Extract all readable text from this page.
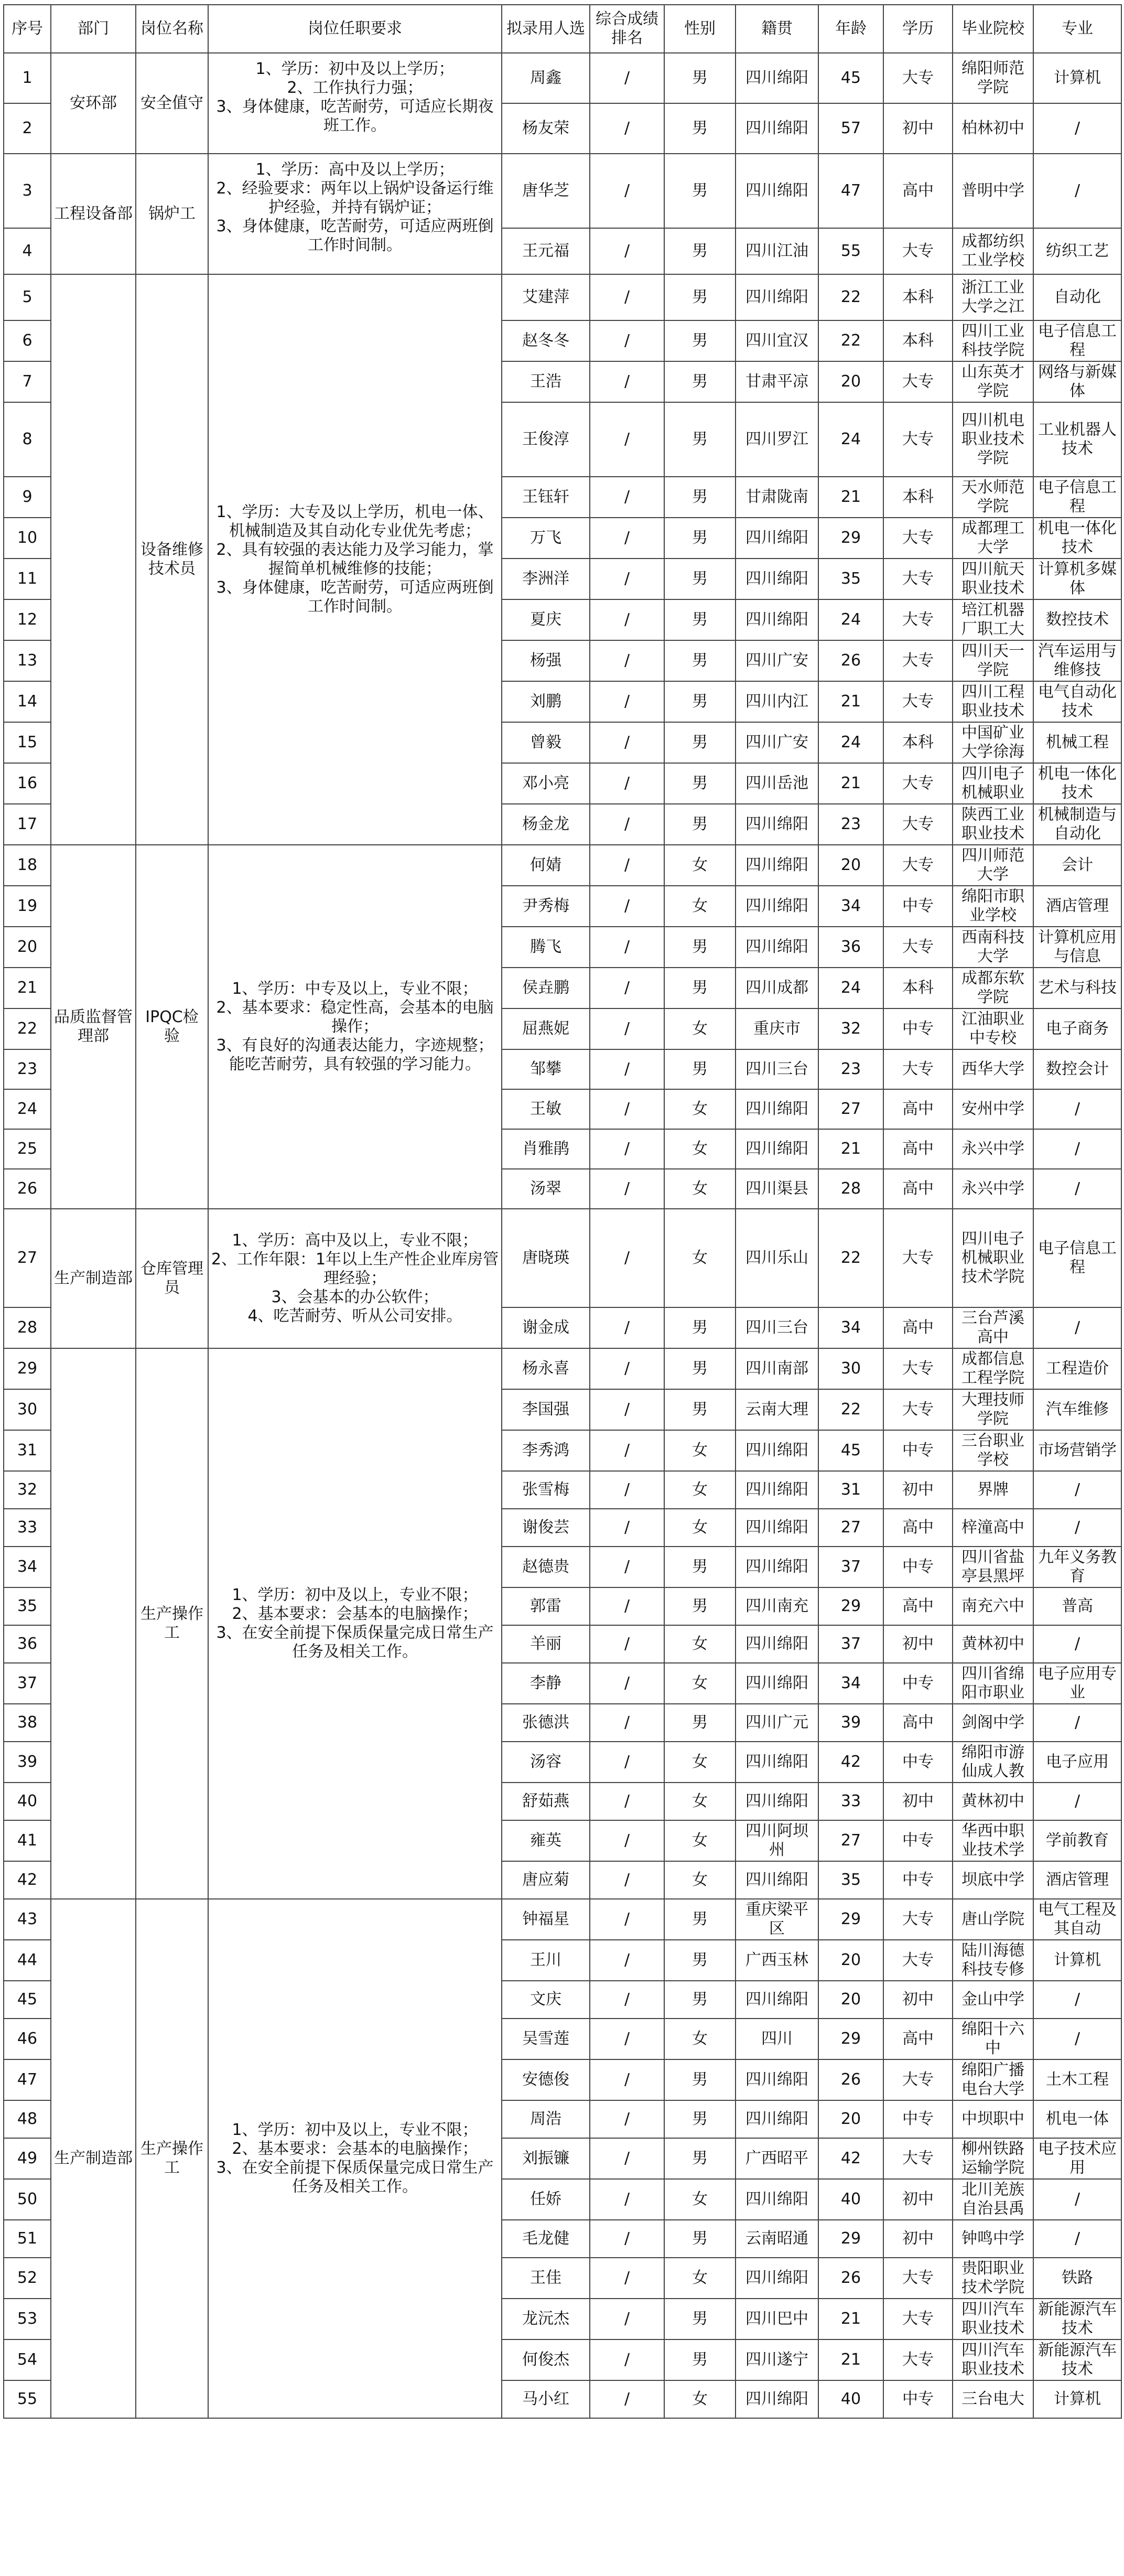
序号	部门	岗位名称	岗位任职要求	拟录用人选	综合成绩排名	性别	籍贯	年龄	学历	毕业院校	专业
1	安环部	安全值守	1、学历：初中及以上学历；
2、工作执行力强；
3、身体健康，吃苦耐劳，可适应长期夜班工作。	周鑫	/	男	四川绵阳	45	大专	绵阳师范学院	计算机
2				杨友荣	/	男	四川绵阳	57	初中	柏林初中	/
3	工程设备部	锅炉工	1、学历：高中及以上学历；
2、经验要求：两年以上锅炉设备运行维护经验，并持有锅炉证；
3、身体健康，吃苦耐劳，可适应两班倒工作时间制。	唐华芝	/	男	四川绵阳	47	高中	普明中学	/
4				王元福	/	男	四川江油	55	大专	成都纺织工业学校	纺织工艺
5		设备维修技术员	1、学历：大专及以上学历，机电一体、机械制造及其自动化专业优先考虑；
2、具有较强的表达能力及学习能力，掌握简单机械维修的技能；
3、身体健康，吃苦耐劳，可适应两班倒工作时间制。	艾建萍	/	男	四川绵阳	22	本科	浙江工业大学之江	自动化
6				赵冬冬	/	男	四川宜汉	22	本科	四川工业科技学院	电子信息工程
7				王浩	/	男	甘肃平凉	20	大专	山东英才学院	网络与新媒体
8				王俊淳	/	男	四川罗江	24	大专	四川机电职业技术学院	工业机器人技术
9				王钰轩	/	男	甘肃陇南	21	本科	天水师范学院	电子信息工程
10				万飞	/	男	四川绵阳	29	大专	成都理工大学	机电一体化技术
11				李洲洋	/	男	四川绵阳	35	大专	四川航天职业技术	计算机多媒体
12				夏庆	/	男	四川绵阳	24	大专	培江机器厂职工大	数控技术
13				杨强	/	男	四川广安	26	大专	四川天一学院	汽车运用与维修技
14				刘鹏	/	男	四川内江	21	大专	四川工程职业技术	电气自动化技术
15				曾毅	/	男	四川广安	24	本科	中国矿业大学徐海	机械工程
16				邓小亮	/	男	四川岳池	21	大专	四川电子机械职业	机电一体化技术
17				杨金龙	/	男	四川绵阳	23	大专	陕西工业职业技术	机械制造与自动化
18	品质监督管理部	IPQC检验	1、学历：中专及以上，专业不限；
2、基本要求：稳定性高，会基本的电脑操作；
3、有良好的沟通表达能力，字迹规整；能吃苦耐劳，具有较强的学习能力。	何婧	/	女	四川绵阳	20	大专	四川师范大学	会计
19				尹秀梅	/	女	四川绵阳	34	中专	绵阳市职业学校	酒店管理
20				腾飞	/	男	四川绵阳	36	大专	西南科技大学	计算机应用与信息
21				侯垚鹏	/	男	四川成都	24	本科	成都东软学院	艺术与科技
22				屈燕妮	/	女	重庆市	32	中专	江油职业中专校	电子商务
23				邹攀	/	男	四川三台	23	大专	西华大学	数控会计
24				王敏	/	女	四川绵阳	27	高中	安州中学	/
25				肖雅鹃	/	女	四川绵阳	21	高中	永兴中学	/
26				汤翠	/	女	四川渠县	28	高中	永兴中学	/
27	生产制造部	仓库管理员	1、学历：高中及以上，专业不限；
2、工作年限：1年以上生产性企业库房管理经验；
3、会基本的办公软件；
4、吃苦耐劳、听从公司安排。	唐晓瑛	/	女	四川乐山	22	大专	四川电子机械职业技术学院	电子信息工程
28				谢金成	/	男	四川三台	34	高中	三台芦溪高中	/
29		生产操作工	1、学历：初中及以上，专业不限；
2、基本要求：会基本的电脑操作；
3、在安全前提下保质保量完成日常生产任务及相关工作。	杨永喜	/	男	四川南部	30	大专	成都信息工程学院	工程造价
30				李国强	/	男	云南大理	22	大专	大理技师学院	汽车维修
31				李秀鸿	/	女	四川绵阳	45	中专	三台职业学校	市场营销学
32				张雪梅	/	女	四川绵阳	31	初中	界牌	/
33				谢俊芸	/	女	四川绵阳	27	高中	梓潼高中	/
34				赵德贵	/	男	四川绵阳	37	中专	四川省盐亭县黑坪	九年义务教育
35				郭雷	/	男	四川南充	29	高中	南充六中	普高
36				羊丽	/	女	四川绵阳	37	初中	黄林初中	/
37				李静	/	女	四川绵阳	34	中专	四川省绵阳市职业	电子应用专业
38				张德洪	/	男	四川广元	39	高中	剑阁中学	/
39				汤容	/	女	四川绵阳	42	中专	绵阳市游仙成人教	电子应用
40				舒茹燕	/	女	四川绵阳	33	初中	黄林初中	/
41				雍英	/	女	四川阿坝州	27	中专	华西中职业技术学	学前教育
42				唐应菊	/	女	四川绵阳	35	中专	坝底中学	酒店管理
43	生产制造部	生产操作工	1、学历：初中及以上，专业不限；
2、基本要求：会基本的电脑操作；
3、在安全前提下保质保量完成日常生产任务及相关工作。	钟福星	/	男	重庆梁平区	29	大专	唐山学院	电气工程及其自动
44				王川	/	男	广西玉林	20	大专	陆川海德科技专修	计算机
45				文庆	/	男	四川绵阳	20	初中	金山中学	/
46				吴雪莲	/	女	四川	29	高中	绵阳十六中	/
47				安德俊	/	男	四川绵阳	26	大专	绵阳广播电台大学	土木工程
48				周浩	/	男	四川绵阳	20	中专	中坝职中	机电一体
49				刘振镰	/	男	广西昭平	42	大专	柳州铁路运输学院	电子技术应用
50				任娇	/	女	四川绵阳	40	初中	北川羌族自治县禹	/
51				毛龙健	/	男	云南昭通	29	初中	钟鸣中学	/
52				王佳	/	女	四川绵阳	26	大专	贵阳职业技术学院	铁路
53				龙沅杰	/	男	四川巴中	21	大专	四川汽车职业技术	新能源汽车技术
54				何俊杰	/	男	四川遂宁	21	大专	四川汽车职业技术	新能源汽车技术
55				马小红	/	女	四川绵阳	40	中专	三台电大	计算机
